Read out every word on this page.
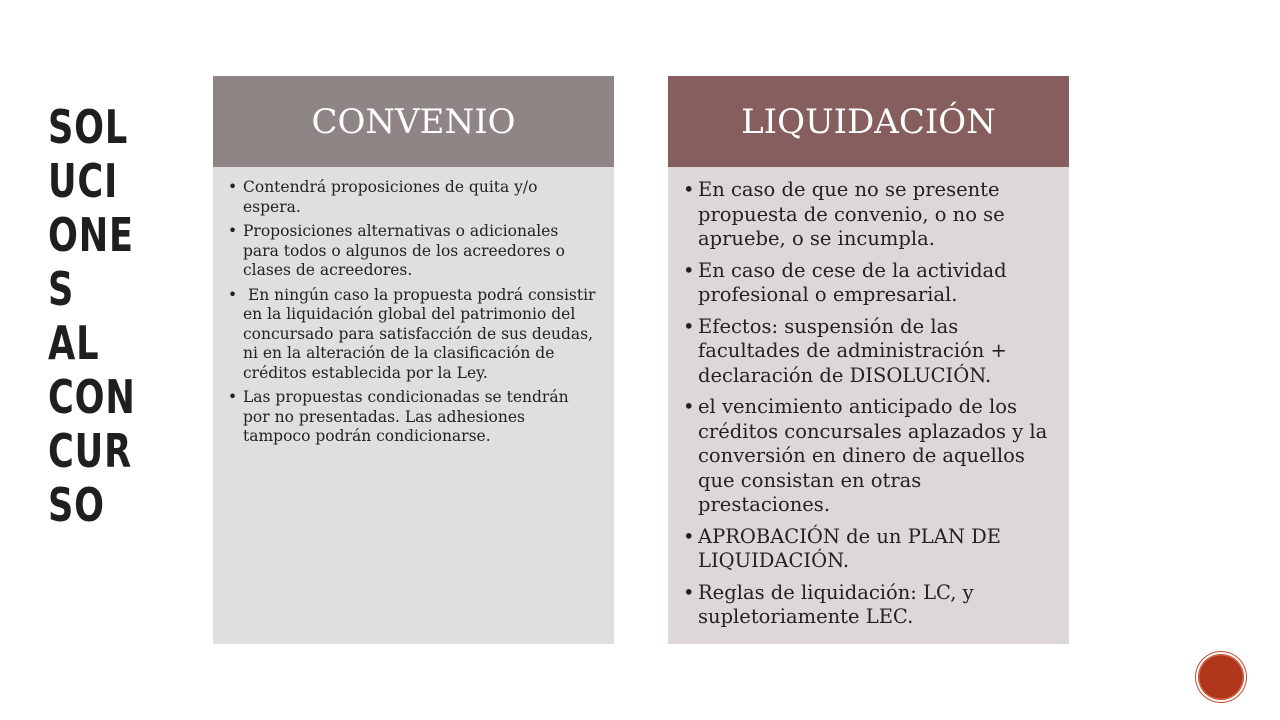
SOL
UCI
ONE
S
AL
CON
CUR
SO
CONVENIO
• Contendrá proposiciones de quita y/o espera.
• Proposiciones alternativas o adicionales para todos o algunos de los acreedores o clases de acreedores.
•  En ningún caso la propuesta podrá consistir en la liquidación global del patrimonio del concursado para satisfacción de sus deudas, ni en la alteración de la clasificación de créditos establecida por la Ley.
• Las propuestas condicionadas se tendrán por no presentadas. Las adhesiones tampoco podrán condicionarse.
LIQUIDACIÓN
• En caso de que no se presente propuesta de convenio, o no se apruebe, o se incumpla.
• En caso de cese de la actividad profesional o empresarial.
• Efectos: suspensión de las facultades de administración + declaración de DISOLUCIÓN.
• el vencimiento anticipado de los créditos concursales aplazados y la conversión en dinero de aquellos que consistan en otras prestaciones.
• APROBACIÓN de un PLAN DE LIQUIDACIÓN.
• Reglas de liquidación: LC, y supletoriamente LEC.
